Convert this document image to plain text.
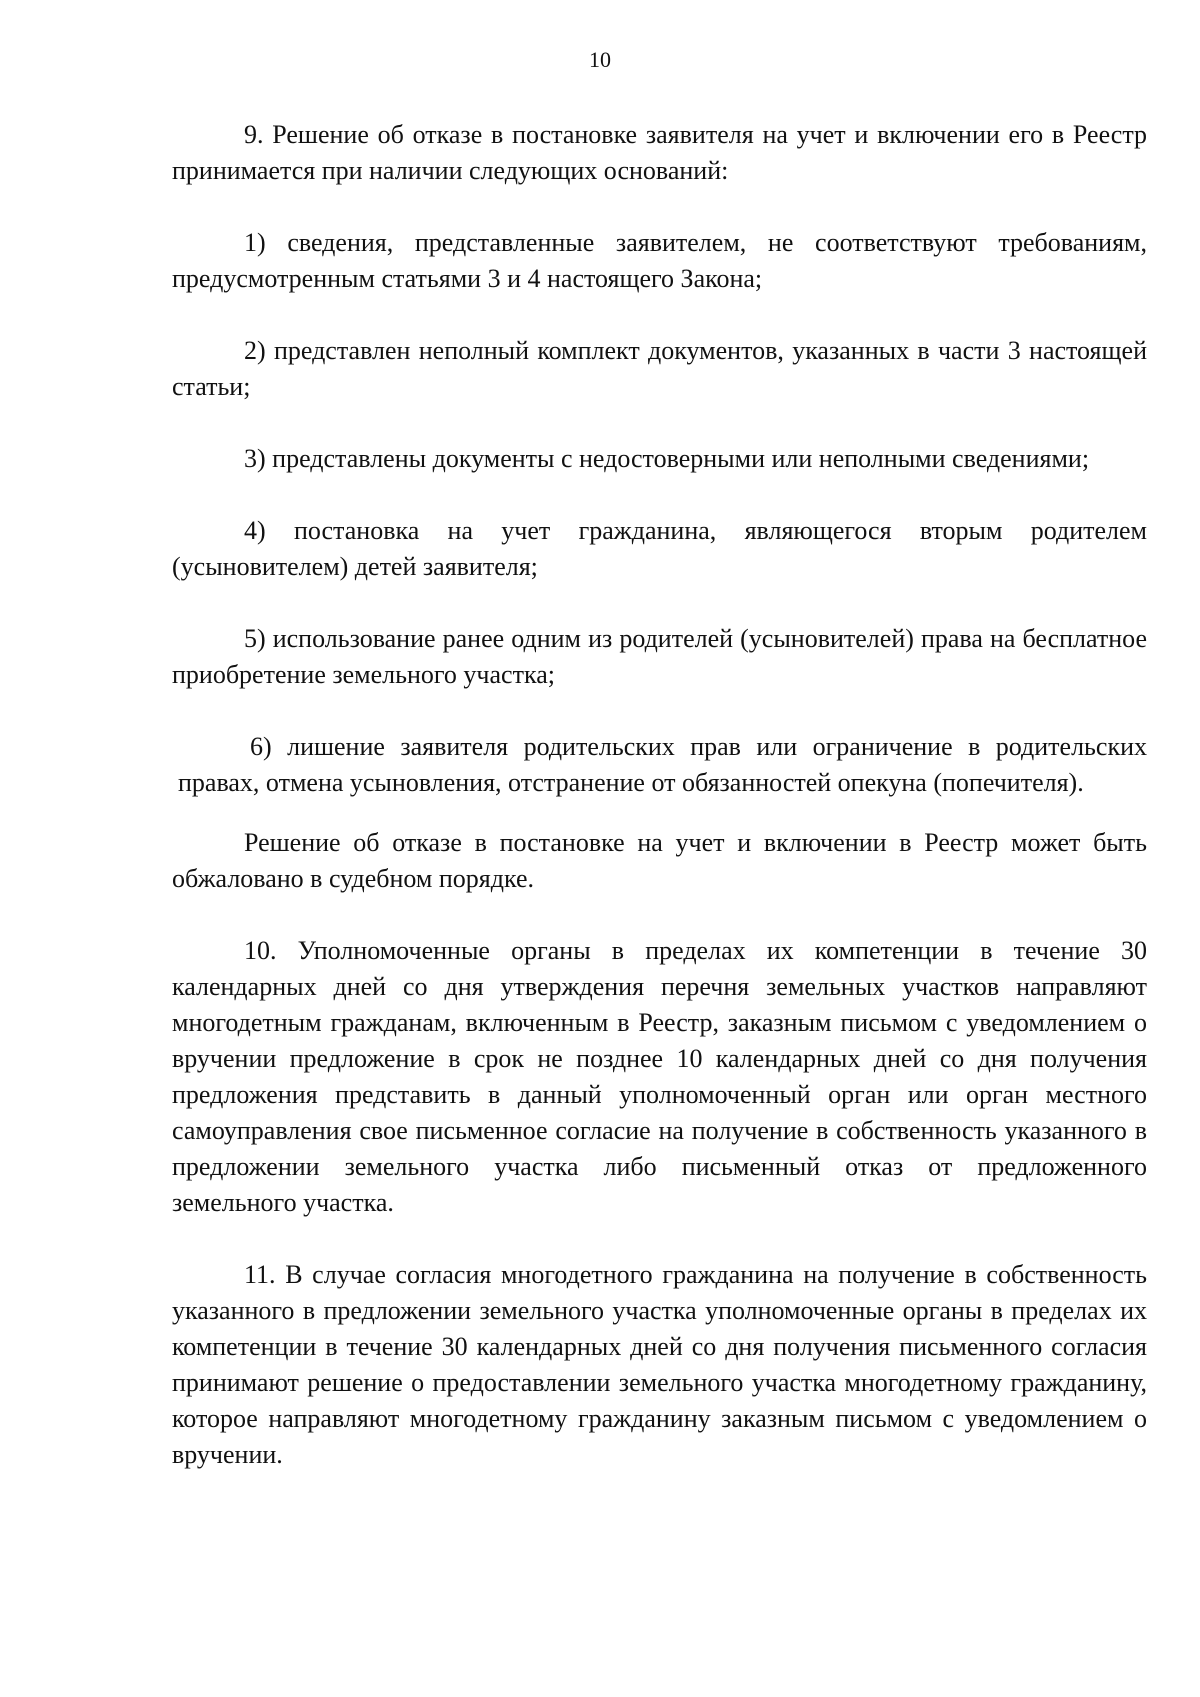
10

9. Решение об отказе в постановке заявителя на учет и включении его в Реестр принимается при наличии следующих оснований:

1) сведения, представленные заявителем, не соответствуют требованиям, предусмотренным статьями 3 и 4 настоящего Закона;

2) представлен неполный комплект документов, указанных в части 3 настоящей статьи;

3) представлены документы с недостоверными или неполными сведениями;

4) постановка на учет гражданина, являющегося вторым родителем (усыновителем) детей заявителя;

5) использование ранее одним из родителей (усыновителей) права на бесплатное приобретение земельного участка;

6) лишение заявителя родительских прав или ограничение в родительских правах, отмена усыновления, отстранение от обязанностей опекуна (попечителя).

Решение об отказе в постановке на учет и включении в Реестр может быть обжаловано в судебном порядке.

10. Уполномоченные органы в пределах их компетенции в течение 30 календарных дней со дня утверждения перечня земельных участков направляют многодетным гражданам, включенным в Реестр, заказным письмом с уведомлением о вручении предложение в срок не позднее 10 календарных дней со дня получения предложения представить в данный уполномоченный орган или орган местного самоуправления свое письменное согласие на получение в собственность указанного в предложении земельного участка либо письменный отказ от предложенного земельного участка.

11. В случае согласия многодетного гражданина на получение в собственность указанного в предложении земельного участка уполномоченные органы в пределах их компетенции в течение 30 календарных дней со дня получения письменного согласия принимают решение о предоставлении земельного участка многодетному гражданину, которое направляют многодетному гражданину заказным письмом с уведомлением о вручении.
